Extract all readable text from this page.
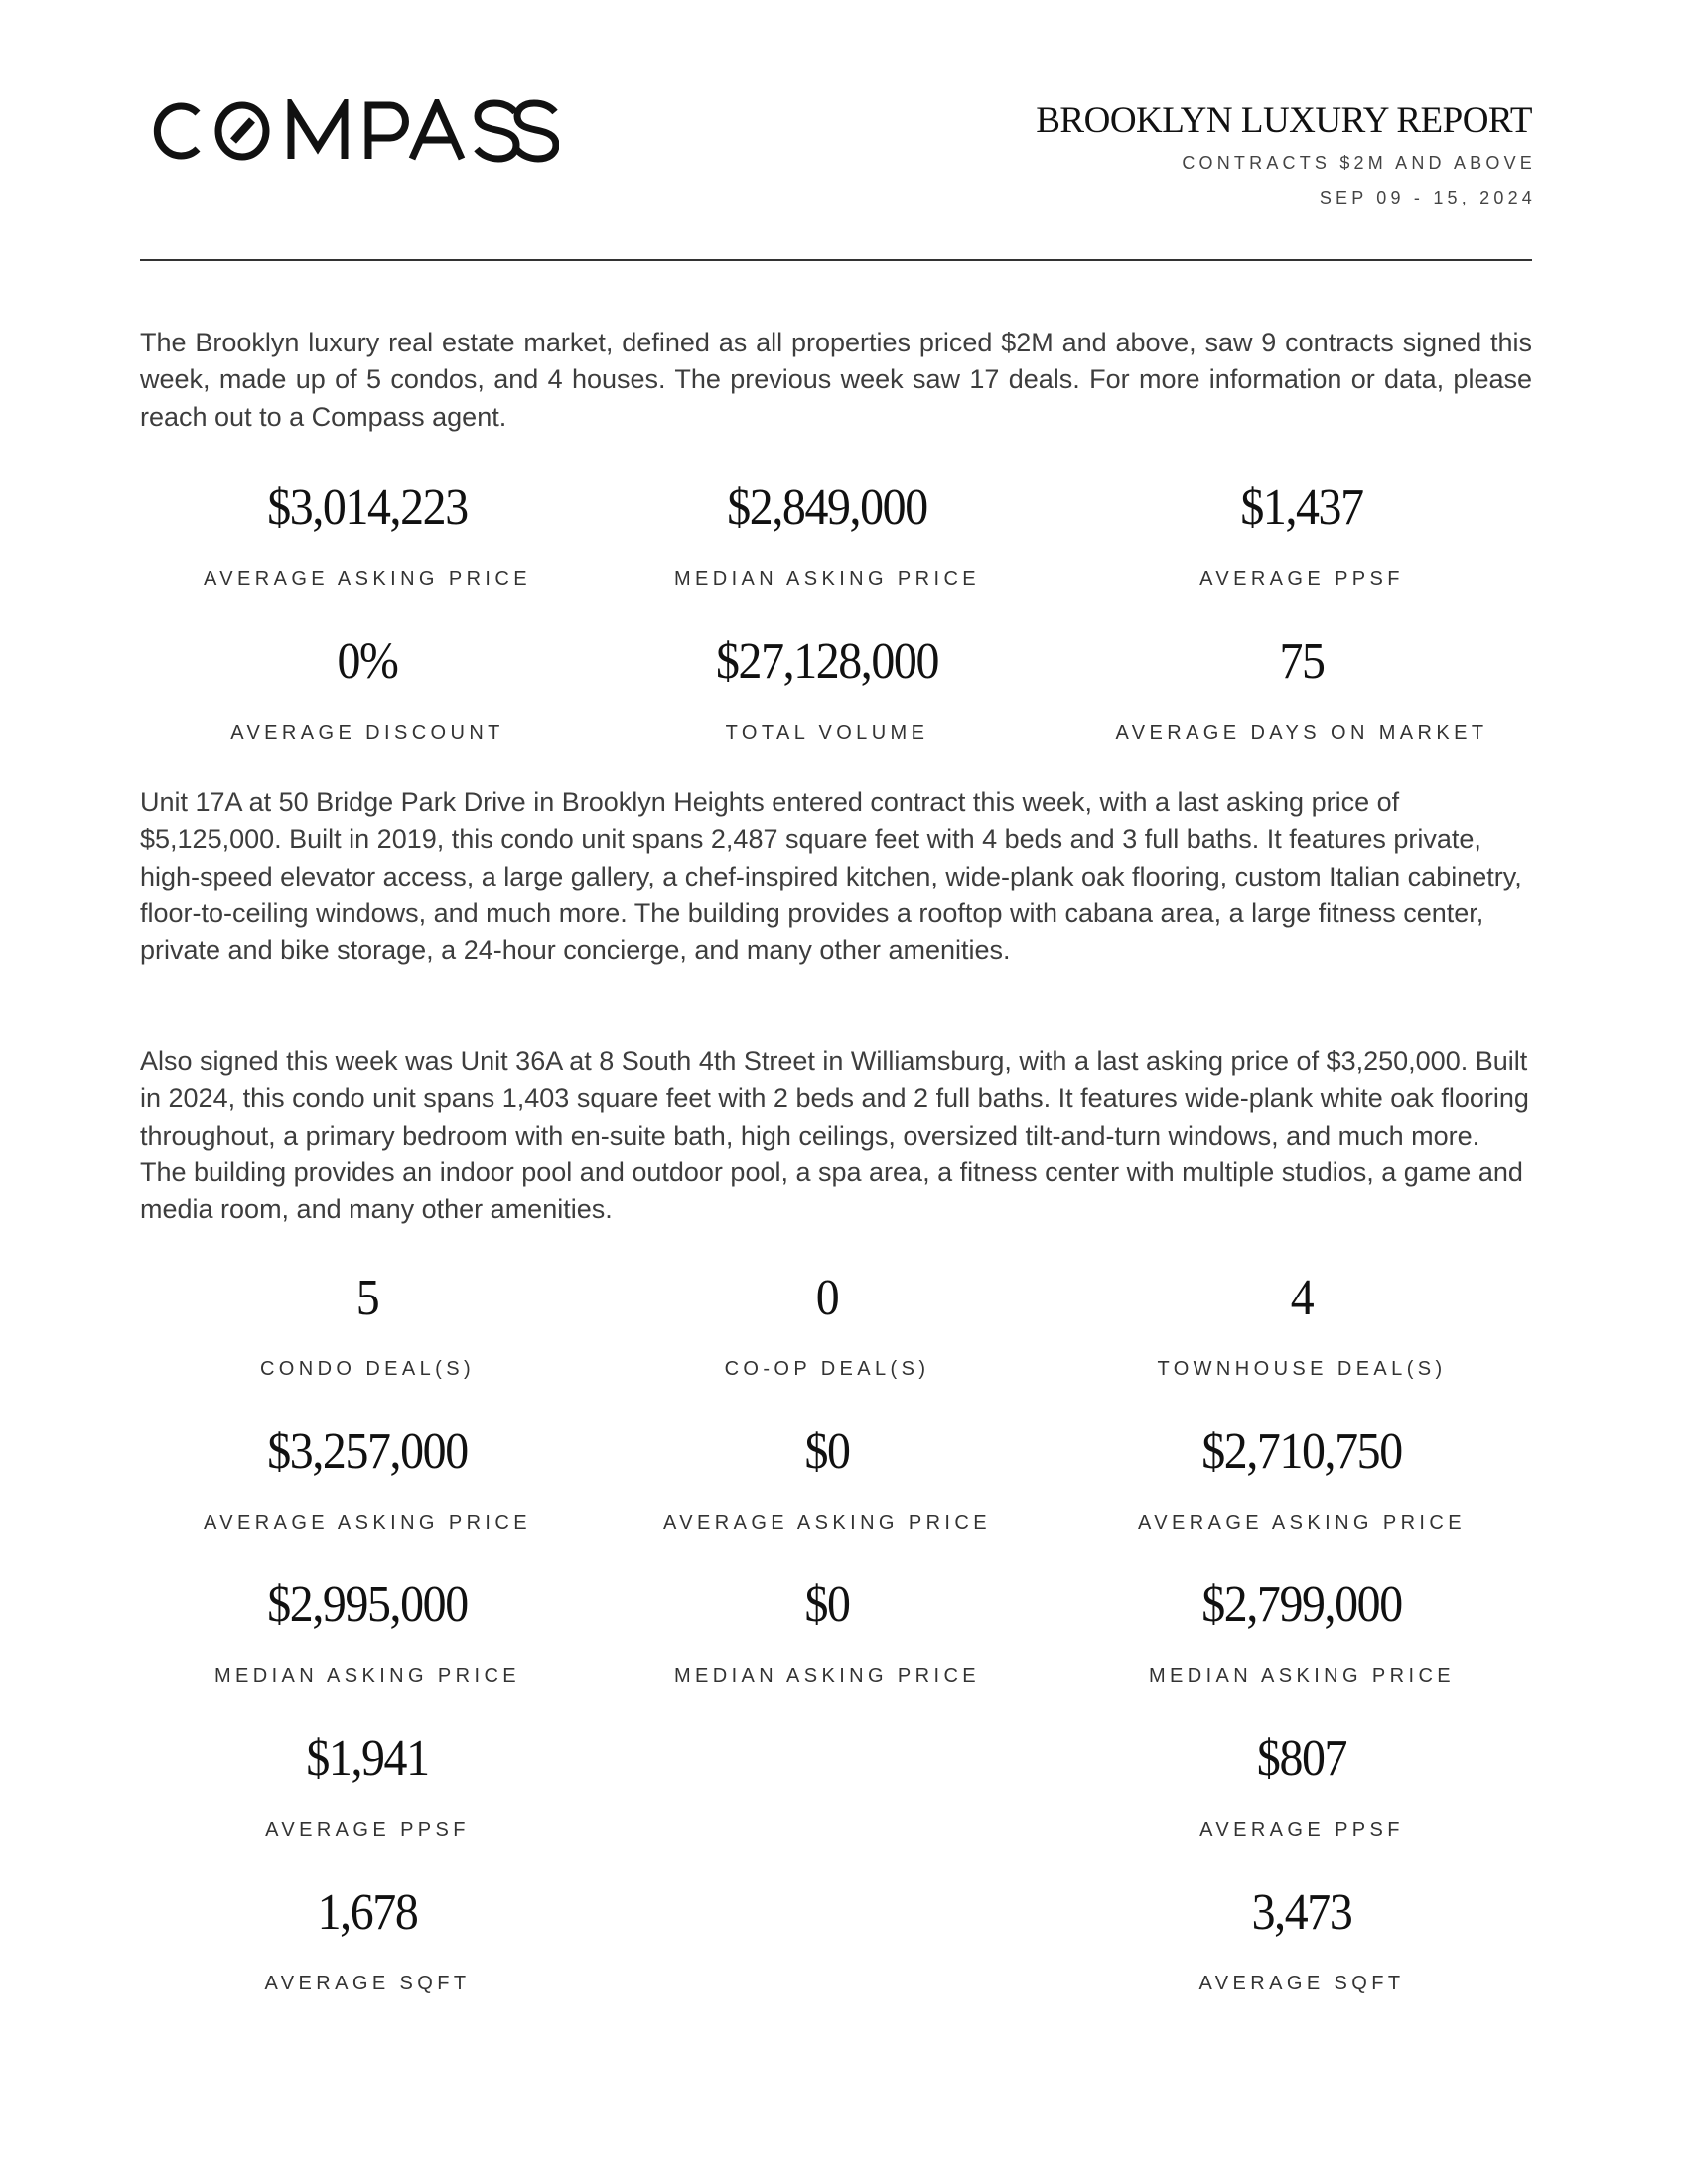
BROOKLYN LUXURY REPORT
CONTRACTS $2M AND ABOVE
SEP 09 - 15, 2024

The Brooklyn luxury real estate market, defined as all properties priced $2M and above, saw 9 contracts signed this week, made up of 5 condos, and 4 houses. The previous week saw 17 deals. For more information or data, please reach out to a Compass agent.

$3,014,223
AVERAGE ASKING PRICE
$2,849,000
MEDIAN ASKING PRICE
$1,437
AVERAGE PPSF
0%
AVERAGE DISCOUNT
$27,128,000
TOTAL VOLUME
75
AVERAGE DAYS ON MARKET

Unit 17A at 50 Bridge Park Drive in Brooklyn Heights entered contract this week, with a last asking price of $5,125,000. Built in 2019, this condo unit spans 2,487 square feet with 4 beds and 3 full baths. It features private, high-speed elevator access, a large gallery, a chef-inspired kitchen, wide-plank oak flooring, custom Italian cabinetry, floor-to-ceiling windows, and much more. The building provides a rooftop with cabana area, a large fitness center, private and bike storage, a 24-hour concierge, and many other amenities.

Also signed this week was Unit 36A at 8 South 4th Street in Williamsburg, with a last asking price of $3,250,000. Built in 2024, this condo unit spans 1,403 square feet with 2 beds and 2 full baths. It features wide-plank white oak flooring throughout, a primary bedroom with en-suite bath, high ceilings, oversized tilt-and-turn windows, and much more. The building provides an indoor pool and outdoor pool, a spa area, a fitness center with multiple studios, a game and media room, and many other amenities.

5
CONDO DEAL(S)
$3,257,000
AVERAGE ASKING PRICE
$2,995,000
MEDIAN ASKING PRICE
$1,941
AVERAGE PPSF
1,678
AVERAGE SQFT
0
CO-OP DEAL(S)
$0
AVERAGE ASKING PRICE
$0
MEDIAN ASKING PRICE
4
TOWNHOUSE DEAL(S)
$2,710,750
AVERAGE ASKING PRICE
$2,799,000
MEDIAN ASKING PRICE
$807
AVERAGE PPSF
3,473
AVERAGE SQFT
